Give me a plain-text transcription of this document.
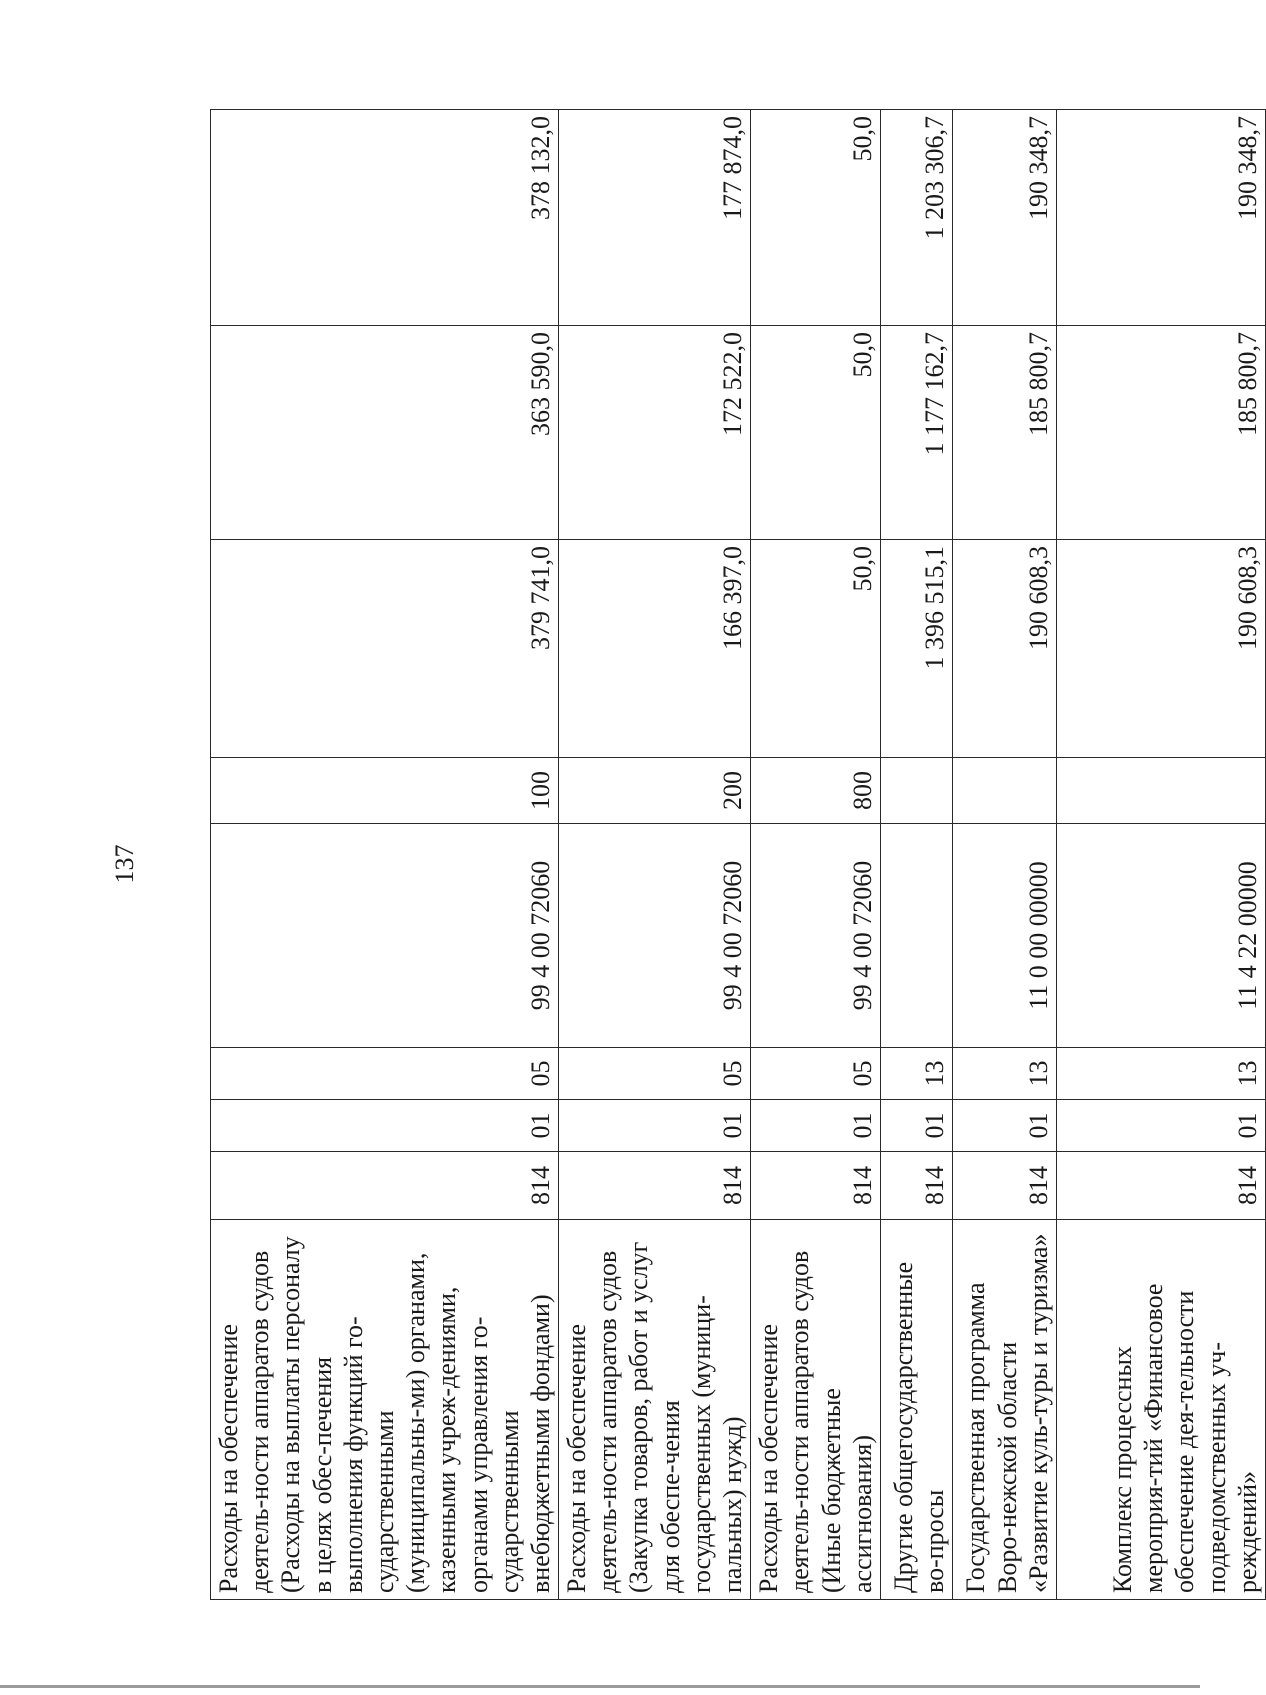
137
Расходы на обеспечение деятель-ности аппаратов судов (Расходы на выплаты персоналу в целях обес-печения выполнения функций го-сударственными (муниципальны-ми) органами, казенными учреж-дениями, органами управления го-сударственными внебюджетными фондами)	814	01	05	99 4 00 72060	100	379 741,0	363 590,0	378 132,0
Расходы на обеспечение деятель-ности аппаратов судов (Закупка товаров, работ и услуг для обеспе-чения государственных (муници-пальных) нужд)	814	01	05	99 4 00 72060	200	166 397,0	172 522,0	177 874,0
Расходы на обеспечение деятель-ности аппаратов судов (Иные бюджетные ассигнования)	814	01	05	99 4 00 72060	800	50,0	50,0	50,0
Другие общегосударственные во-просы	814	01	13			1 396 515,1	1 177 162,7	1 203 306,7
Государственная программа Воро-нежской области «Развитие куль-туры и туризма»	814	01	13	11 0 00 00000		190 608,3	185 800,7	190 348,7
Комплекс процессных мероприя-тий «Финансовое обеспечение дея-тельности подведомственных уч-реждений»	814	01	13	11 4 22 00000		190 608,3	185 800,7	190 348,7
